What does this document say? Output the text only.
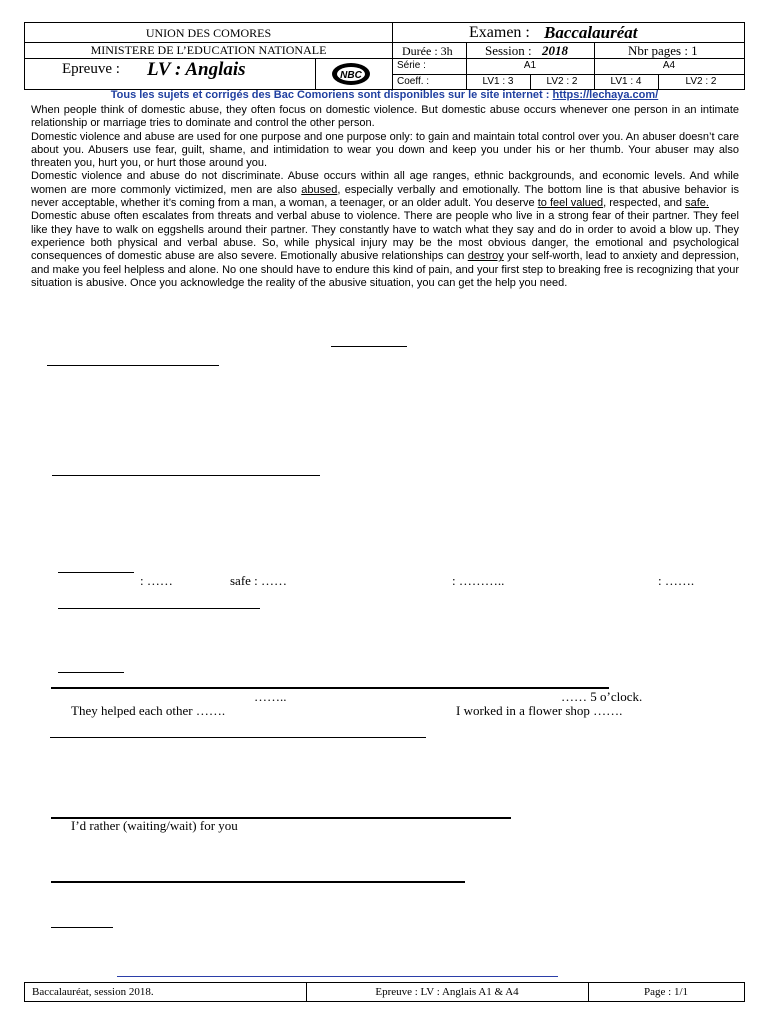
UNION DES COMORES
MINISTERE DE L’EDUCATION NATIONALE
Epreuve : LV : Anglais	NBC
Examen : Baccalauréat
Durée : 3h Session : 2018	Nbr pages : 1
Série :	A1	A4
Coeff. :	LV1 : 3	LV2 : 2	LV1 : 4	LV2 : 2
Tous les sujets et corrigés des Bac Comoriens sont disponibles sur le site internet : https://lechaya.com/

When people think of domestic abuse, they often focus on domestic violence. But domestic abuse occurs whenever one person in an intimate relationship or marriage tries to dominate and control the other person.

Domestic violence and abuse are used for one purpose and one purpose only: to gain and maintain total control over you. An abuser doesn’t care about you. Abusers use fear, guilt, shame, and intimidation to wear you down and keep you under his or her thumb. Your abuser may also threaten you, hurt you, or hurt those around you.

Domestic violence and abuse do not discriminate. Abuse occurs within all age ranges, ethnic backgrounds, and economic levels. And while women are more commonly victimized, men are also abused, especially verbally and emotionally. The bottom line is that abusive behavior is never acceptable, whether it’s coming from a man, a woman, a teenager, or an older adult. You deserve to feel valued, respected, and safe.

Domestic abuse often escalates from threats and verbal abuse to violence. There are people who live in a strong fear of their partner. They feel like they have to walk on eggshells around their partner. They constantly have to watch what they say and do in order to avoid a blow up. They experience both physical and verbal abuse. So, while physical injury may be the most obvious danger, the emotional and psychological consequences of domestic abuse are also severe. Emotionally abusive relationships can destroy your self-worth, lead to anxiety and depression, and make you feel helpless and alone. No one should have to endure this kind of pain, and your first step to breaking free is recognizing that your situation is abusive. Once you acknowledge the reality of the abusive situation, you can get the help you need.

: ……	safe : ……	: ………..	: …….
……..	…… 5 o’clock.
They helped each other …….	I worked in a flower shop …….
I’d rather (waiting/wait) for you
Baccalauréat, session 2018.	Epreuve : LV : Anglais A1 & A4	Page : 1/1
